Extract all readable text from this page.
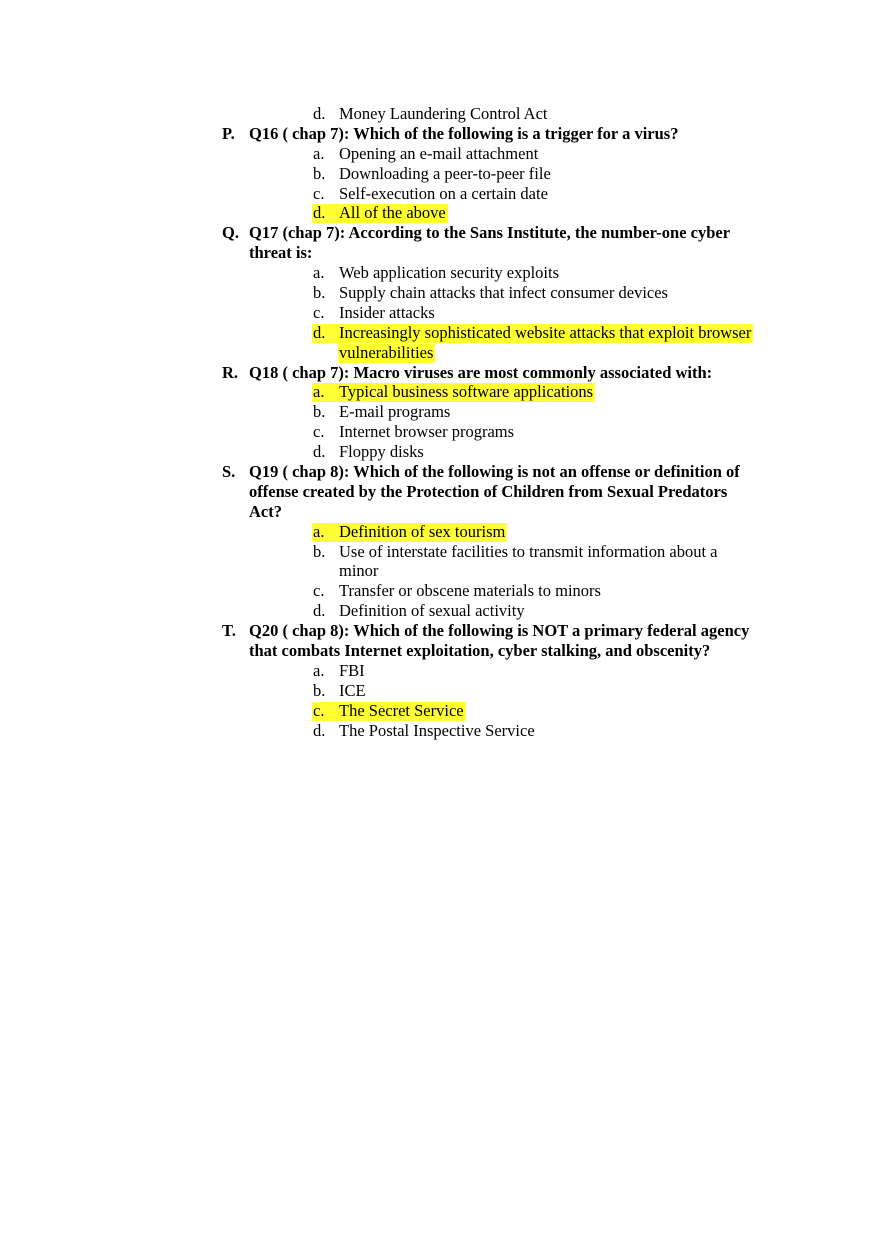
d. Money Laundering Control Act
P. Q16 ( chap 7): Which of the following is a trigger for a virus?
a. Opening an e-mail attachment
b. Downloading a peer-to-peer file
c. Self-execution on a certain date
d. All of the above
Q. Q17 (chap 7): According to the Sans Institute, the number-one cyber
threat is:
a. Web application security exploits
b. Supply chain attacks that infect consumer devices
c. Insider attacks
d. Increasingly sophisticated website attacks that exploit browser
vulnerabilities
R. Q18 ( chap 7): Macro viruses are most commonly associated with:
a. Typical business software applications
b. E-mail programs
c. Internet browser programs
d. Floppy disks
S. Q19 ( chap 8): Which of the following is not an offense or definition of
offense created by the Protection of Children from Sexual Predators
Act?
a. Definition of sex tourism
b. Use of interstate facilities to transmit information about a
minor
c. Transfer or obscene materials to minors
d. Definition of sexual activity
T. Q20 ( chap 8): Which of the following is NOT a primary federal agency
that combats Internet exploitation, cyber stalking, and obscenity?
a. FBI
b. ICE
c. The Secret Service
d. The Postal Inspective Service
